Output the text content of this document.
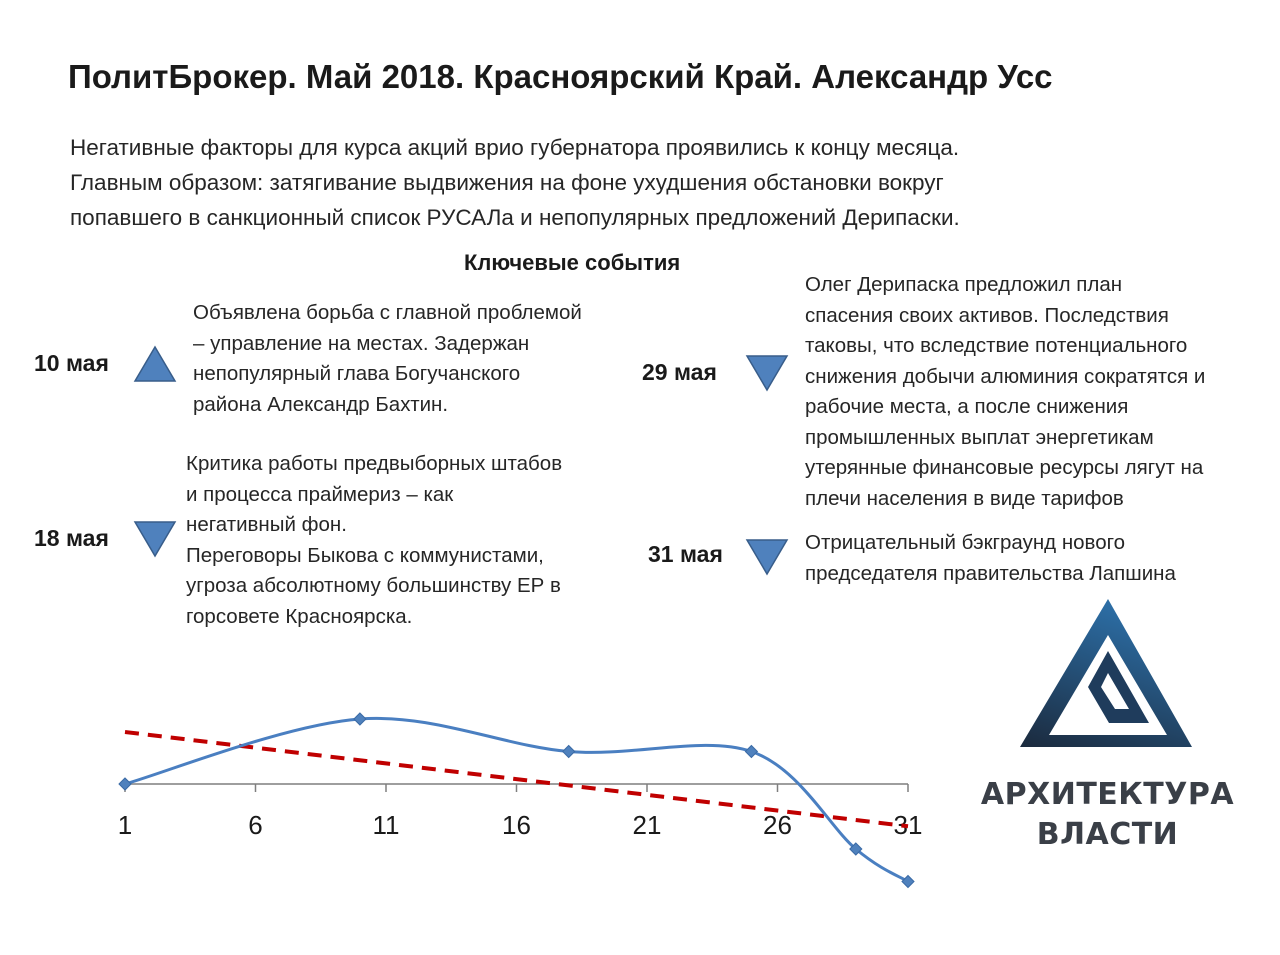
ПолитБрокер. Май 2018. Красноярский Край. Александр Усс

Негативные факторы для курса акций врио губернатора проявились к концу месяца.

Главным образом: затягивание выдвижения на фоне ухудшения обстановки вокруг

попавшего в санкционный список РУСАЛа и непопулярных предложений Дерипаски.

Ключевые события
10 мая

Объявлена борьба с главной проблемой

– управление на местах. Задержан

непопулярный глава Богучанского

района Александр Бахтин.

18 мая

Критика работы предвыборных штабов

и процесса праймериз – как

негативный фон.

Переговоры Быкова с коммунистами,

угроза абсолютному большинству ЕР в

горсовете Красноярска.

29 мая

Олег Дерипаска предложил план

спасения своих активов. Последствия

таковы, что вследствие потенциального

снижения добычи алюминия сократятся и

рабочие места, а после снижения

промышленных выплат энергетикам

утерянные финансовые ресурсы лягут на

плечи населения в виде тарифов

31 мая	Отрицательный бэкграунд нового

председателя правительства Лапшина

1	6	11	16	21	26	31

АРХИТЕКТУРА

ВЛАСТИ
